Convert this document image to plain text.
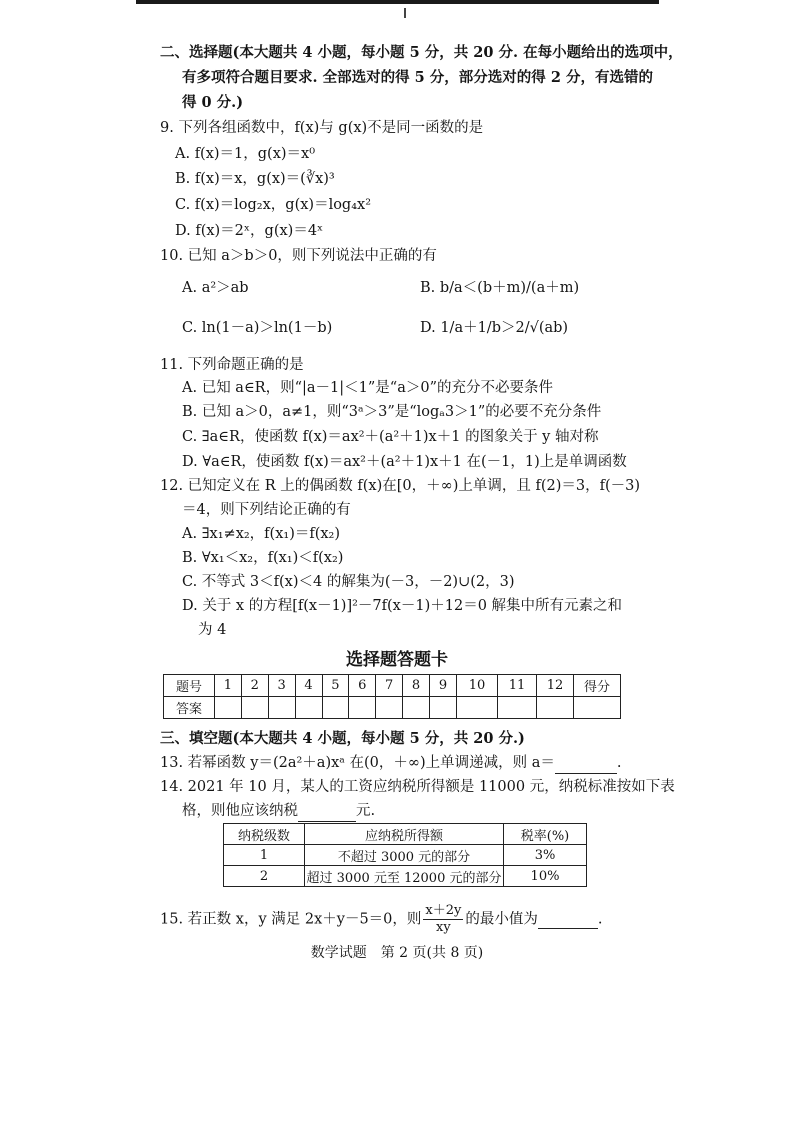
二、选择题(本大题共 4 小题，每小题 5 分，共 20 分. 在每小题给出的选项中，
有多项符合题目要求. 全部选对的得 5 分，部分选对的得 2 分，有选错的
得 0 分.)
9. 下列各组函数中，f(x)与 g(x)不是同一函数的是
A. f(x)＝1，g(x)＝x⁰
B. f(x)＝x，g(x)＝(∛x)³
C. f(x)＝log₂x，g(x)＝log₄x²
D. f(x)＝2ˣ，g(x)＝4ˣ
10. 已知 a＞b＞0，则下列说法中正确的有
A. a²＞ab	B. b/a＜(b＋m)/(a＋m)
C. ln(1－a)＞ln(1－b)	D. 1/a＋1/b＞2/√(ab)
11. 下列命题正确的是
A. 已知 a∈R，则“|a－1|＜1”是“a＞0”的充分不必要条件
B. 已知 a＞0，a≠1，则“3ᵃ＞3”是“logₐ3＞1”的必要不充分条件
C. ∃a∈R，使函数 f(x)＝ax²＋(a²＋1)x＋1 的图象关于 y 轴对称
D. ∀a∈R，使函数 f(x)＝ax²＋(a²＋1)x＋1 在(－1，1)上是单调函数
12. 已知定义在 R 上的偶函数 f(x)在[0，＋∞)上单调，且 f(2)＝3，f(－3)
＝4，则下列结论正确的有
A. ∃x₁≠x₂，f(x₁)＝f(x₂)
B. ∀x₁＜x₂，f(x₁)＜f(x₂)
C. 不等式 3＜f(x)＜4 的解集为(－3，－2)∪(2，3)
D. 关于 x 的方程[f(x－1)]²－7f(x－1)＋12＝0 解集中所有元素之和
为 4
选择题答题卡
题号	1	2	3	4	5	6	7	8	9	10	11	12	得分
答案													
三、填空题(本大题共 4 小题，每小题 5 分，共 20 分.)
13. 若幂函数 y＝(2a²＋a)xᵃ 在(0，＋∞)上单调递减，则 a＝	.
14. 2021 年 10 月，某人的工资应纳税所得额是 11000 元，纳税标准按如下表
格，则他应该纳税	元.
纳税级数	应纳税所得额	税率(%)
1	不超过 3000 元的部分	3%
2	超过 3000 元至 12000 元的部分	10%
15. 若正数 x，y 满足 2x＋y－5＝0，则 $\frac{x+2y}{xy}$ 的最小值为	.
数学试题　第 2 页(共 8 页)
